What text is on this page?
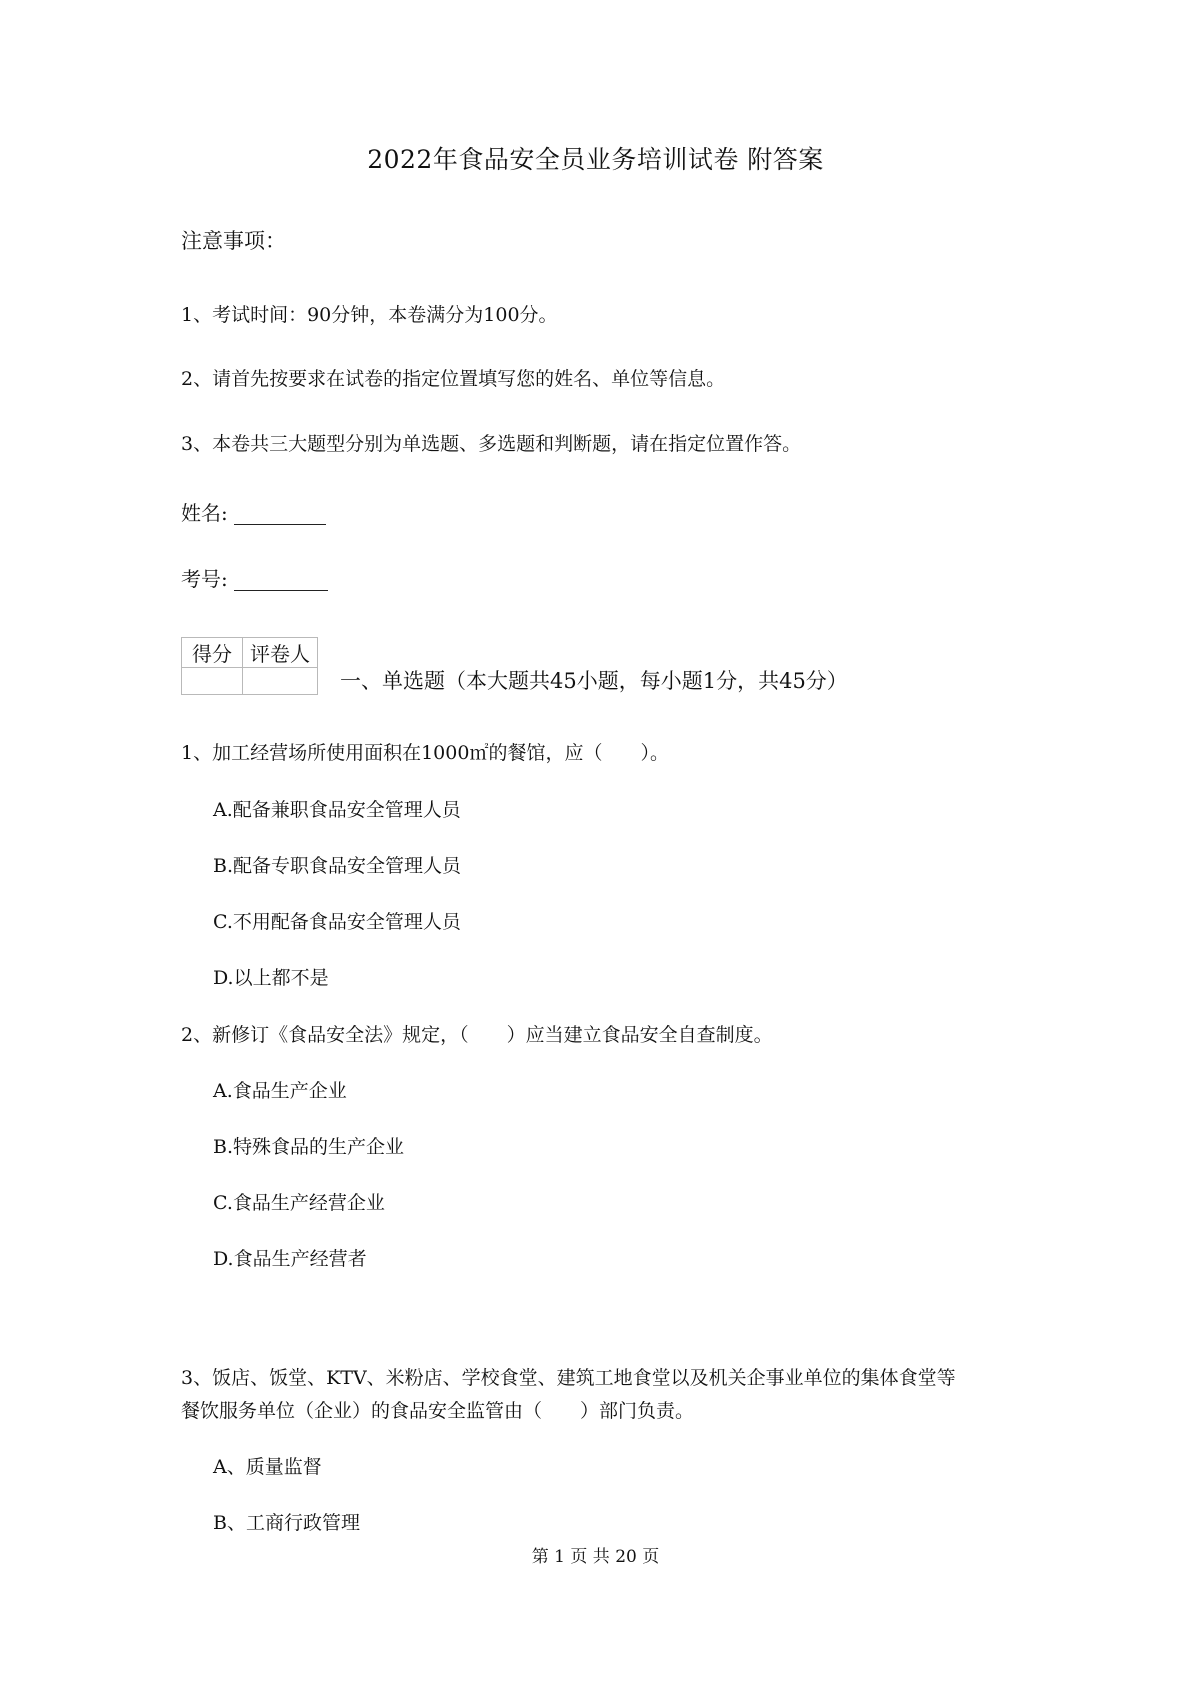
2022年食品安全员业务培训试卷 附答案
注意事项：
1、考试时间：90分钟，本卷满分为100分。
2、请首先按要求在试卷的指定位置填写您的姓名、单位等信息。
3、本卷共三大题型分别为单选题、多选题和判断题，请在指定位置作答。
姓名:
考号:
得分	评卷人

一、单选题（本大题共45小题，每小题1分，共45分）
1、加工经营场所使用面积在1000㎡的餐馆，应（　　）。
A.配备兼职食品安全管理人员
B.配备专职食品安全管理人员
C.不用配备食品安全管理人员
D.以上都不是
2、新修订《食品安全法》规定，（　　）应当建立食品安全自查制度。
A.食品生产企业
B.特殊食品的生产企业
C.食品生产经营企业
D.食品生产经营者
3、饭店、饭堂、KTV、米粉店、学校食堂、建筑工地食堂以及机关企事业单位的集体食堂等
餐饮服务单位（企业）的食品安全监管由（　　）部门负责。
A、质量监督
B、工商行政管理
第 1 页 共 20 页
